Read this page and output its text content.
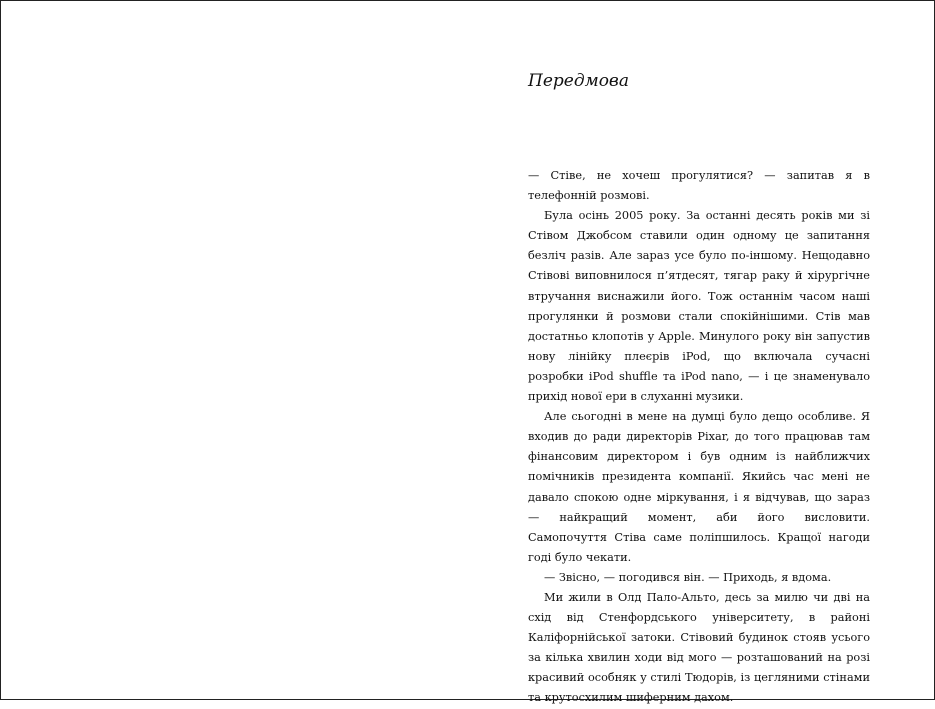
Передмова

— Стіве, не хочеш прогулятися? — запитав я в телефонній розмові.

Була осінь 2005 року. За останні десять років ми зі Стівом Джобсом ставили один одному це запитання безліч разів. Але зараз усе було по-іншому. Нещодавно Стівові виповнилося п’ятдесят, тягар раку й хірургічне втручання виснажили його. Тож останнім часом наші прогулянки й розмови стали спокійнішими. Стів мав достатньо клопотів у Apple. Минулого року він запустив нову лінійку плеєрів iPod, що включала сучасні розробки iPod shuffle та iPod nano, — і це знаменувало прихід нової ери в слуханні музики.

Але сьогодні в мене на думці було дещо особливе. Я входив до ради директорів Pixar, до того працював там фінансовим директором і був одним із найближчих помічників президента компанії. Якийсь час мені не давало спокою одне міркування, і я відчував, що зараз — найкращий момент, аби його висловити. Самопочуття Стіва саме поліпшилось. Кращої нагоди годі було чекати.

— Звісно, — погодився він. — Приходь, я вдома.

Ми жили в Олд Пало-Альто, десь за милю чи дві на схід від Стенфордського університету, в районі Каліфорнійської затоки. Стівовий будинок стояв усього за кілька хвилин ходи від мого — розташований на розі красивий особняк у стилі Тюдорів, із цегляними стінами та крутосхилим шиферним дахом.
